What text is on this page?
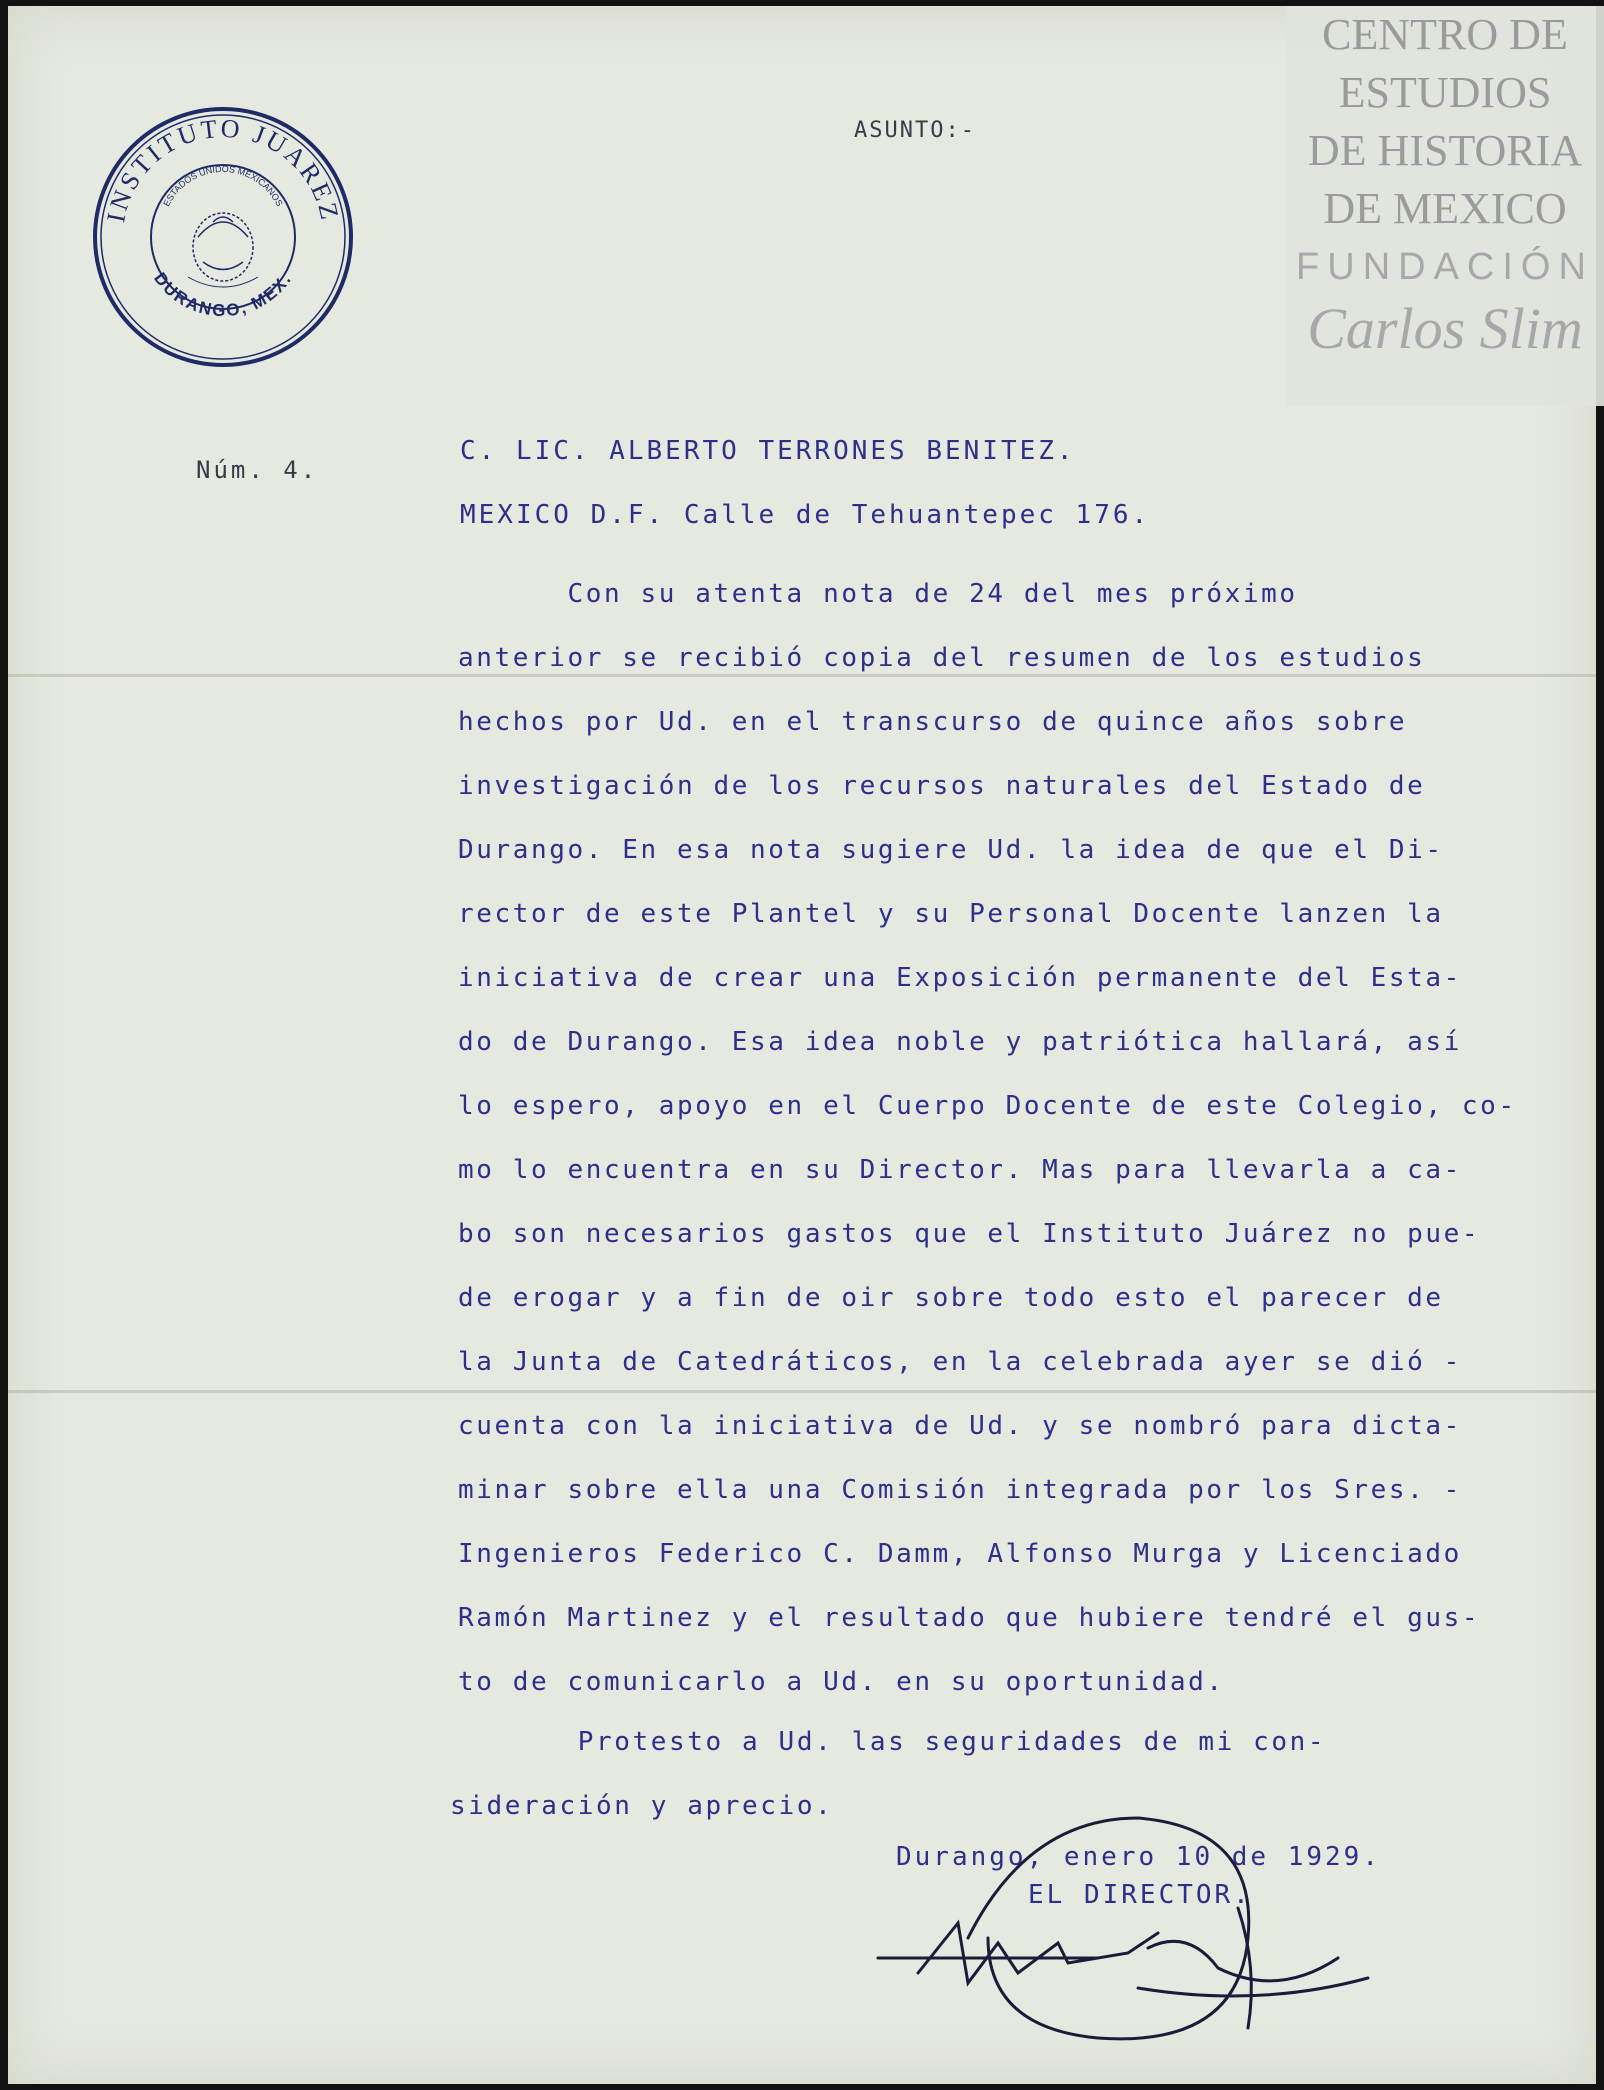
INSTITUTO JUAREZ
DURANGO, MEX.
ESTADOS UNIDOS MEXICANOS
CENTRO DE
ESTUDIOS
DE HISTORIA
DE MEXICO
FUNDACIÓN
Carlos Slim

ASUNTO:-

Núm. 4.

C. LIC. ALBERTO TERRONES BENITEZ.

MEXICO D.F. Calle de Tehuantepec 176.

Con su atenta nota de 24 del mes próximo
anterior se recibió copia del resumen de los estudios
hechos por Ud. en el transcurso de quince años sobre
investigación de los recursos naturales del Estado de
Durango. En esa nota sugiere Ud. la idea de que el Di-
rector de este Plantel y su Personal Docente lanzen la
iniciativa de crear una Exposición permanente del Esta-
do de Durango. Esa idea noble y patriótica hallará, así
lo espero, apoyo en el Cuerpo Docente de este Colegio, co-
mo lo encuentra en su Director. Mas para llevarla a ca-
bo son necesarios gastos que el Instituto Juárez no pue-
de erogar y a fin de oir sobre todo esto el parecer de
la Junta de Catedráticos, en la celebrada ayer se dió -
cuenta con la iniciativa de Ud. y se nombró para dicta-
minar sobre ella una Comisión integrada por los Sres. -
Ingenieros Federico C. Damm, Alfonso Murga y Licenciado
Ramón Martinez y el resultado que hubiere tendré el gus-
to de comunicarlo a Ud. en su oportunidad.
Protesto a Ud. las seguridades de mi con-
sideración y aprecio.

Durango, enero 10 de 1929.

EL DIRECTOR.
